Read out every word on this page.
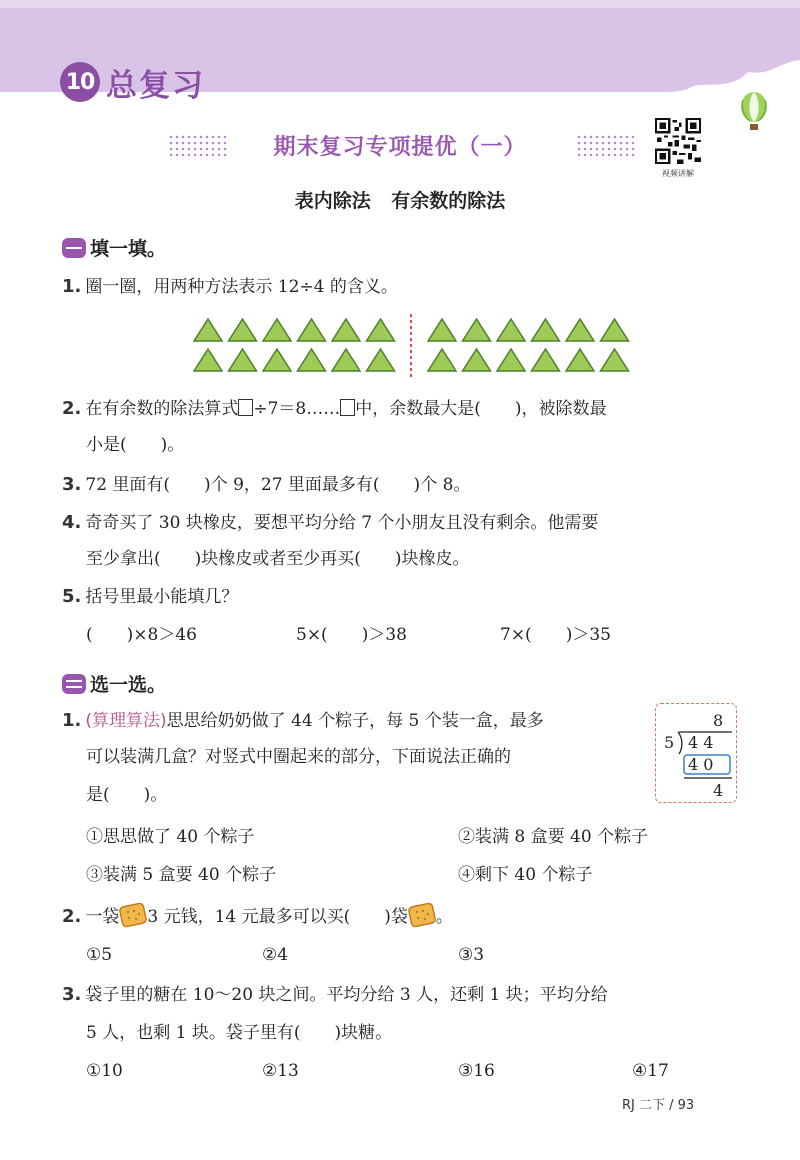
10 总复习
期末复习专项提优（一）
视频讲解
表内除法 有余数的除法
填一填。
1. 圈一圈，用两种方法表示 12÷4 的含义。
2. 在有余数的除法算式 ÷7＝8…… 中，余数最大是(　　)，被除数最
小是(　　)。
3. 72 里面有(　　)个 9，27 里面最多有(　　)个 8。
4. 奇奇买了 30 块橡皮，要想平均分给 7 个小朋友且没有剩余。他需要
至少拿出(　　)块橡皮或者至少再买(　　)块橡皮。
5. 括号里最小能填几？
(　　)×8＞46	5×(　　)＞38	7×(　　)＞35
选一选。
1. (算理算法)思思给奶奶做了 44 个粽子，每 5 个装一盒，最多
可以装满几盒？对竖式中圈起来的部分，下面说法正确的
是(　　)。
8
5 4 4
4 0
4
①思思做了 40 个粽子	②装满 8 盒要 40 个粽子
③装满 5 盒要 40 个粽子	④剩下 40 个粽子
2. 一袋 3 元钱，14 元最多可以买(　　)袋 。
①5	②4	③3
3. 袋子里的糖在 10～20 块之间。平均分给 3 人，还剩 1 块；平均分给
5 人，也剩 1 块。袋子里有(　　)块糖。
①10	②13	③16	④17
RJ 二下 / 93
